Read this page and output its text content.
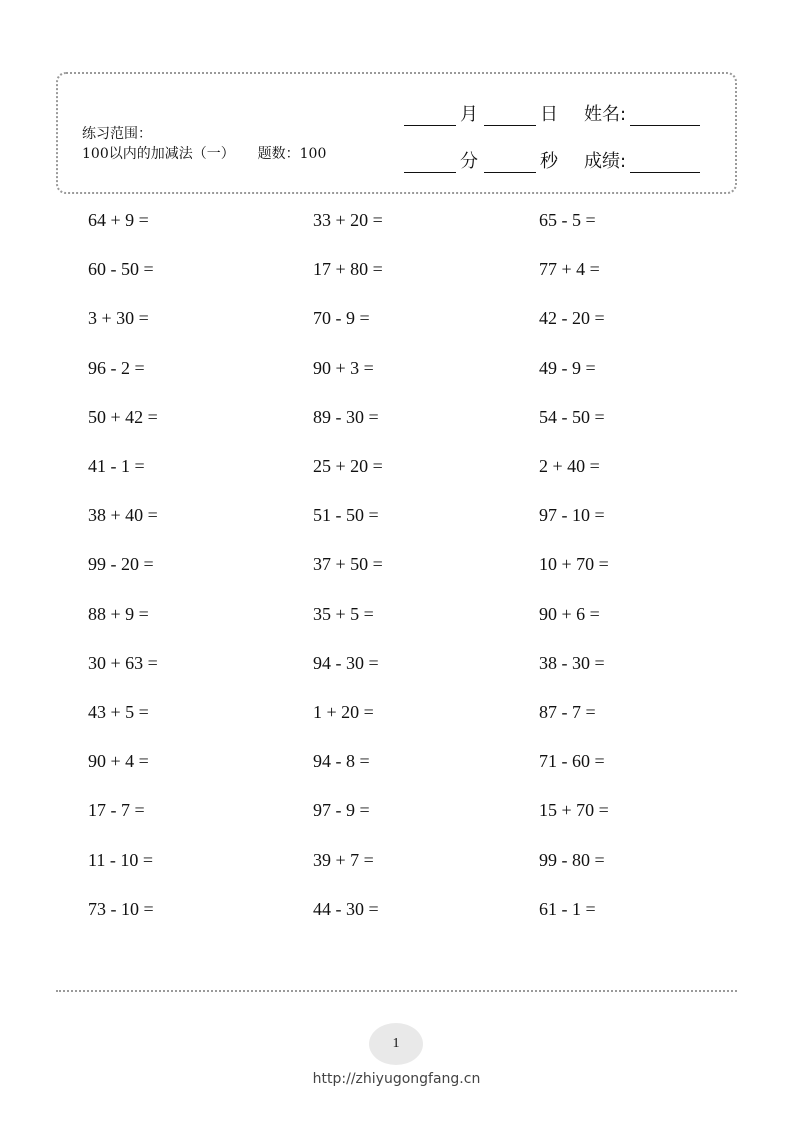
练习范围：
100以内的加减法（一） 题数：100
月	日 姓名:
分	秒 成绩:
64 + 9 =	33 + 20 =	65 - 5 =
60 - 50 =	17 + 80 =	77 + 4 =
3 + 30 =	70 - 9 =	42 - 20 =
96 - 2 =	90 + 3 =	49 - 9 =
50 + 42 =	89 - 30 =	54 - 50 =
41 - 1 =	25 + 20 =	2 + 40 =
38 + 40 =	51 - 50 =	97 - 10 =
99 - 20 =	37 + 50 =	10 + 70 =
88 + 9 =	35 + 5 =	90 + 6 =
30 + 63 =	94 - 30 =	38 - 30 =
43 + 5 =	1 + 20 =	87 - 7 =
90 + 4 =	94 - 8 =	71 - 60 =
17 - 7 =	97 - 9 =	15 + 70 =
11 - 10 =	39 + 7 =	99 - 80 =
73 - 10 =	44 - 30 =	61 - 1 =
1
http://zhiyugongfang.cn
